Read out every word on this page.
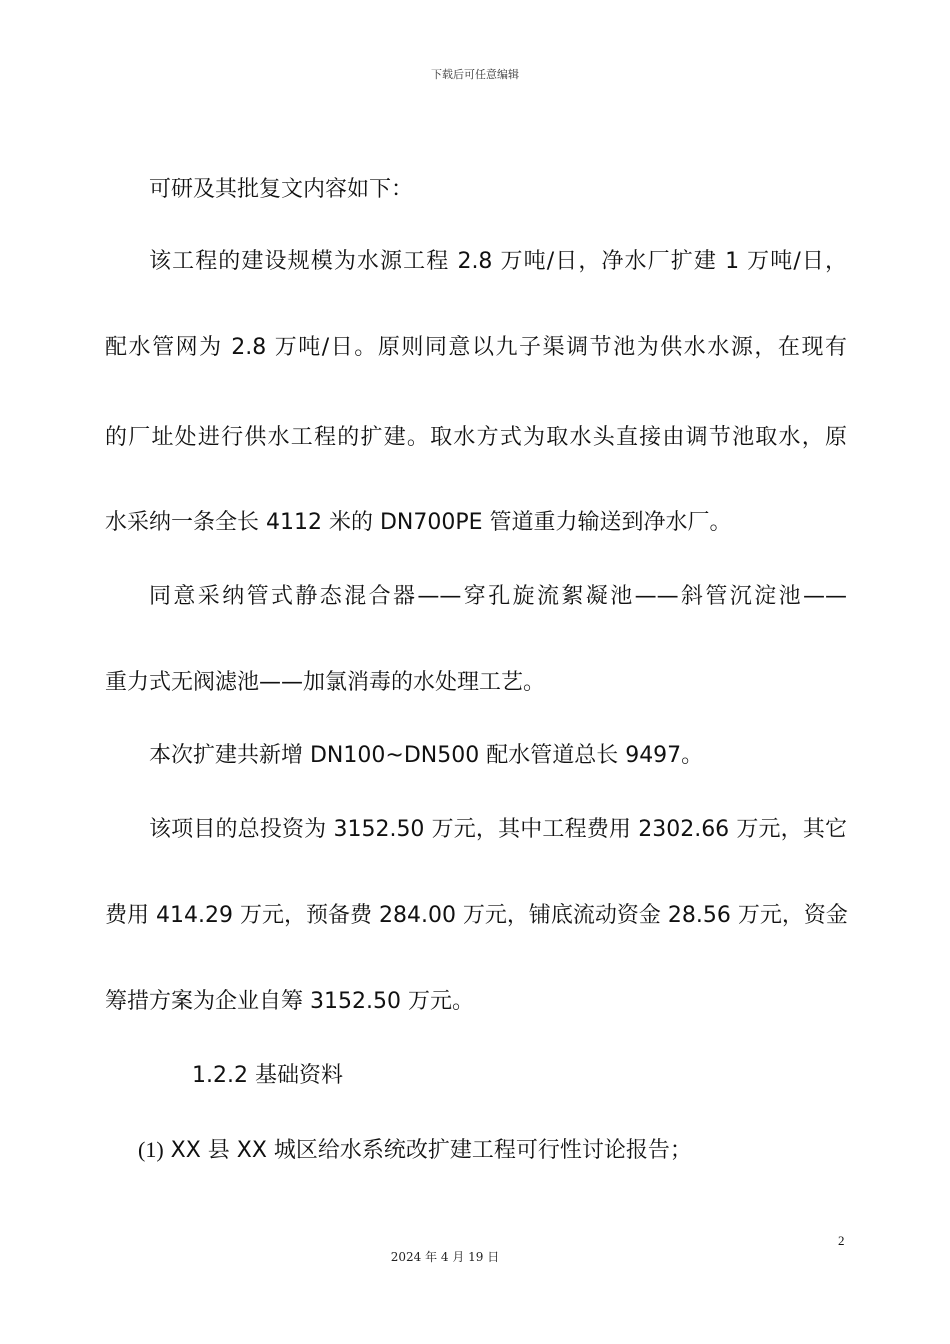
下载后可任意编辑
可研及其批复文内容如下：
该工程的建设规模为水源工程 2.8 万吨/日，净水厂扩建 1 万吨/日，
配水管网为 2.8 万吨/日。原则同意以九子渠调节池为供水水源，在现有
的厂址处进行供水工程的扩建。取水方式为取水头直接由调节池取水，原
水采纳一条全长 4112 米的 DN700PE 管道重力输送到净水厂。
同意采纳管式静态混合器——穿孔旋流絮凝池——斜管沉淀池——
重力式无阀滤池——加氯消毒的水处理工艺。
本次扩建共新增 DN100~DN500 配水管道总长 9497。
该项目的总投资为 3152.50 万元，其中工程费用 2302.66 万元，其它
费用 414.29 万元，预备费 284.00 万元，铺底流动资金 28.56 万元，资金
筹措方案为企业自筹 3152.50 万元。
1.2.2 基础资料
(1) XX 县 XX 城区给水系统改扩建工程可行性讨论报告；
2
2024 年 4 月 19 日
